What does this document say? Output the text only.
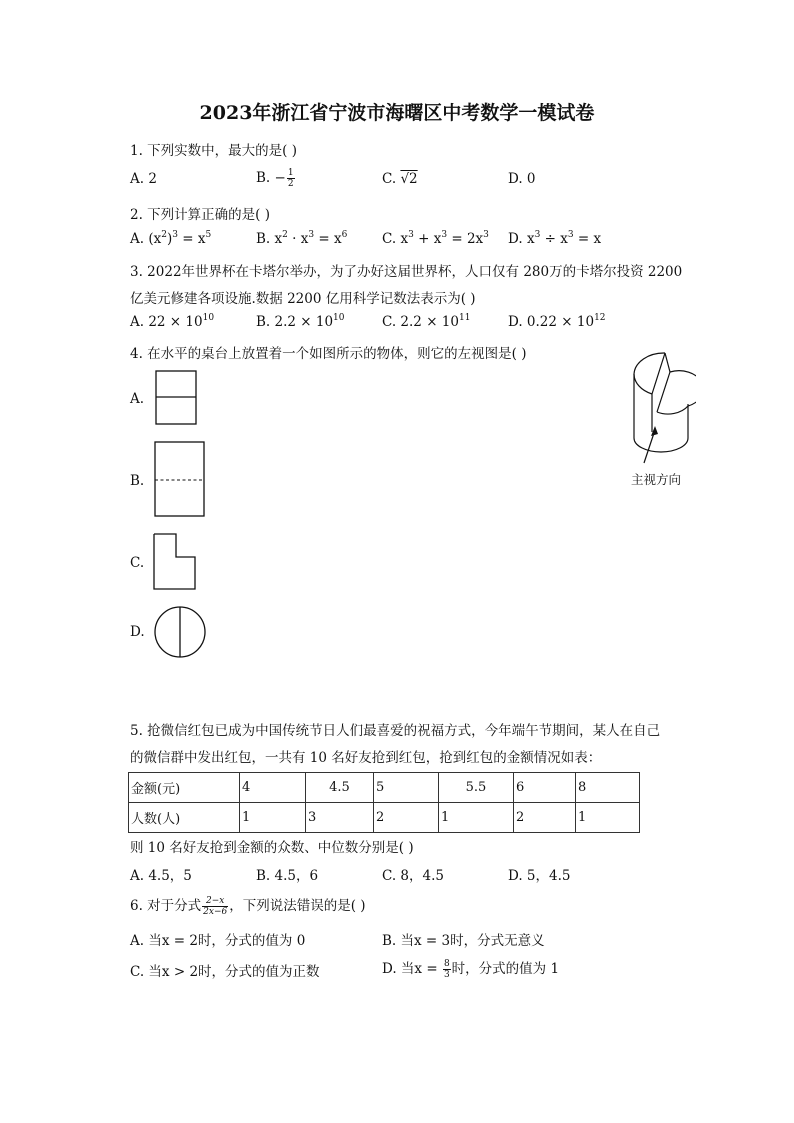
2023年浙江省宁波市海曙区中考数学一模试卷
1. 下列实数中，最大的是( )
A. 2	B. − $\frac{1}{2}$	C. √2	D. 0
2. 下列计算正确的是( )
A. $(x^2)^3 = x^5$	B. $x^2 \cdot x^3 = x^6$	C. $x^3 + x^3 = 2x^3$ D. $x^3 \div x^3 = x$
3. 2022年世界杯在卡塔尔举办，为了办好这届世界杯，人口仅有 280万的卡塔尔投资 2200
亿美元修建各项设施.数据 2200 亿用科学记数法表示为( )
A. $22 \times 10^{10}$	B. $2.2 \times 10^{10}$	C. $2.2 \times 10^{11}$	D. $0.22 \times 10^{12}$
4. 在水平的桌台上放置着一个如图所示的物体，则它的左视图是( )
A.
B.
C.
D.
主视方向
5. 抢微信红包已成为中国传统节日人们最喜爱的祝福方式，今年端午节期间，某人在自己
的微信群中发出红包，一共有 10 名好友抢到红包，抢到红包的金额情况如表：
金额(元)	4	4.5	5	5.5	6	8
人数(人)	1	3	2	1	2	1
则 10 名好友抢到金额的众数、中位数分别是( )
A. 4.5，5	B. 4.5，6	C. 8，4.5	D. 5，4.5
6. 对于分式 $\frac{2-x}{2x-6}$ ，下列说法错误的是( )
A. 当x = 2时，分式的值为 0	B. 当x = 3时，分式无意义
C. 当x > 2时，分式的值为正数	D. 当$x = \frac{8}{3}$ 时，分式的值为 1
